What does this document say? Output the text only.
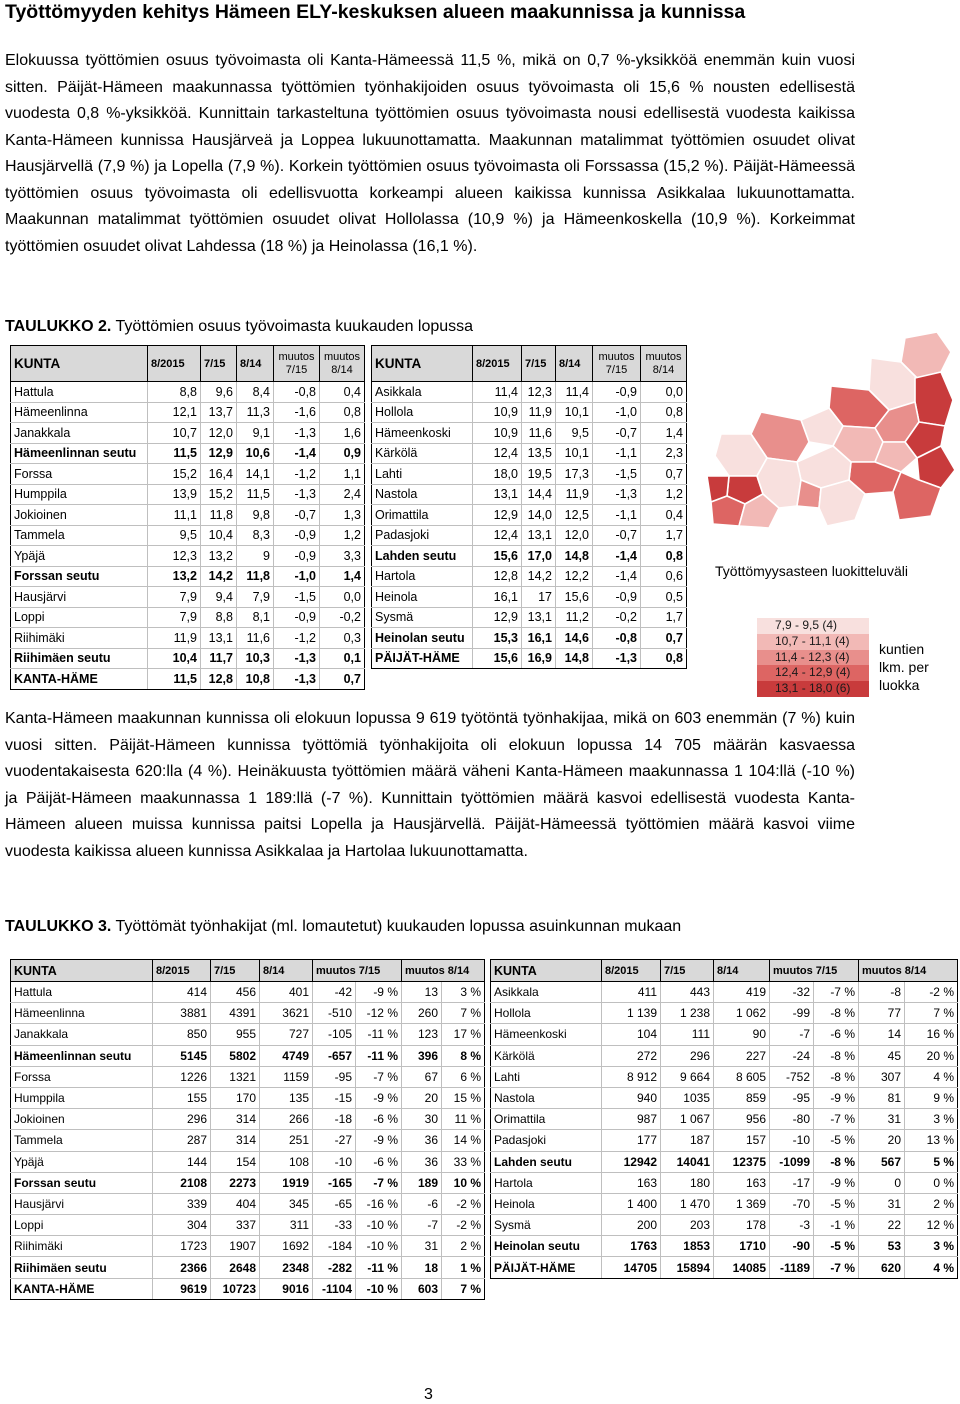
Työttömyyden kehitys Hämeen ELY-keskuksen alueen maakunnissa ja kunnissa

Elokuussa työttömien osuus työvoimasta oli Kanta-Hämeessä 11,5 %, mikä on 0,7 %-yksikköä enemmän kuin vuosi sitten. Päijät-Hämeen maakunnassa työttömien työnhakijoiden osuus työvoimasta oli 15,6 % nousten edellisestä vuodesta 0,8 %-yksikköä. Kunnittain tarkasteltuna työttömien osuus työvoimasta nousi edellisestä vuodesta kaikissa Kanta-Hämeen kunnissa Hausjärveä ja Loppea lukuunottamatta. Maakunnan matalimmat työttömien osuudet olivat Hausjärvellä (7,9 %) ja Lopella (7,9 %). Korkein työttömien osuus työvoimasta oli Forssassa (15,2 %). Päijät-Hämeessä työttömien osuus työvoimasta oli edellisvuotta korkeampi alueen kaikissa kunnissa Asikkalaa lukuunottamatta. Maakunnan matalimmat työttömien osuudet olivat Hollolassa (10,9 %) ja Hämeenkoskella (10,9 %). Korkeimmat työttömien osuudet olivat Lahdessa (18 %) ja Heinolassa (16,1 %).

TAULUKKO 2. Työttömien osuus työvoimasta kuukauden lopussa
KUNTA	8/2015	7/15	8/14	muutos 7/15	muutos 8/14
Hattula	8,8	9,6	8,4	-0,8	0,4
Hämeenlinna	12,1	13,7	11,3	-1,6	0,8
Janakkala	10,7	12,0	9,1	-1,3	1,6
Hämeenlinnan seutu	11,5	12,9	10,6	-1,4	0,9
Forssa	15,2	16,4	14,1	-1,2	1,1
Humppila	13,9	15,2	11,5	-1,3	2,4
Jokioinen	11,1	11,8	9,8	-0,7	1,3
Tammela	9,5	10,4	8,3	-0,9	1,2
Ypäjä	12,3	13,2	9	-0,9	3,3
Forssan seutu	13,2	14,2	11,8	-1,0	1,4
Hausjärvi	7,9	9,4	7,9	-1,5	0,0
Loppi	7,9	8,8	8,1	-0,9	-0,2
Riihimäki	11,9	13,1	11,6	-1,2	0,3
Riihimäen seutu	10,4	11,7	10,3	-1,3	0,1
KANTA-HÄME	11,5	12,8	10,8	-1,3	0,7
KUNTA	8/2015	7/15	8/14	muutos 7/15	muutos 8/14
Asikkala	11,4	12,3	11,4	-0,9	0,0
Hollola	10,9	11,9	10,1	-1,0	0,8
Hämeenkoski	10,9	11,6	9,5	-0,7	1,4
Kärkölä	12,4	13,5	10,1	-1,1	2,3
Lahti	18,0	19,5	17,3	-1,5	0,7
Nastola	13,1	14,4	11,9	-1,3	1,2
Orimattila	12,9	14,0	12,5	-1,1	0,4
Padasjoki	12,4	13,1	12,0	-0,7	1,7
Lahden seutu	15,6	17,0	14,8	-1,4	0,8
Hartola	12,8	14,2	12,2	-1,4	0,6
Heinola	16,1	17	15,6	-0,9	0,5
Sysmä	12,9	13,1	11,2	-0,2	1,7
Heinolan seutu	15,3	16,1	14,6	-0,8	0,7
PÄIJÄT-HÄME	15,6	16,9	14,8	-1,3	0,8
Työttömyysasteen luokitteluväli
7,9 - 9,5 (4)
10,7 - 11,1 (4)
11,4 - 12,3 (4)
12,4 - 12,9 (4)
13,1 - 18,0 (6)
kuntien lkm. per luokka

Kanta-Hämeen maakunnan kunnissa oli elokuun lopussa 9 619 työtöntä työnhakijaa, mikä on 603 enemmän (7 %) kuin vuosi sitten. Päijät-Hämeen kunnissa työttömiä työnhakijoita oli elokuun lopussa 14 705 määrän kasvaessa vuodentakaisesta 620:lla (4 %). Heinäkuusta työttömien määrä väheni Kanta-Hämeen maakunnassa 1 104:llä (-10 %) ja Päijät-Hämeen maakunnassa 1 189:llä (-7 %). Kunnittain työttömien määrä kasvoi edellisestä vuodesta Kanta-Hämeen alueen muissa kunnissa paitsi Lopella ja Hausjärvellä. Päijät-Hämeessä työttömien määrä kasvoi viime vuodesta kaikissa alueen kunnissa Asikkalaa ja Hartolaa lukuunottamatta.

TAULUKKO 3. Työttömät työnhakijat (ml. lomautetut) kuukauden lopussa asuinkunnan mukaan
KUNTA	8/2015	7/15	8/14	muutos 7/15		muutos 8/14	
Hattula	414	456	401	-42	-9 %	13	3 %
Hämeenlinna	3881	4391	3621	-510	-12 %	260	7 %
Janakkala	850	955	727	-105	-11 %	123	17 %
Hämeenlinnan seutu	5145	5802	4749	-657	-11 %	396	8 %
Forssa	1226	1321	1159	-95	-7 %	67	6 %
Humppila	155	170	135	-15	-9 %	20	15 %
Jokioinen	296	314	266	-18	-6 %	30	11 %
Tammela	287	314	251	-27	-9 %	36	14 %
Ypäjä	144	154	108	-10	-6 %	36	33 %
Forssan seutu	2108	2273	1919	-165	-7 %	189	10 %
Hausjärvi	339	404	345	-65	-16 %	-6	-2 %
Loppi	304	337	311	-33	-10 %	-7	-2 %
Riihimäki	1723	1907	1692	-184	-10 %	31	2 %
Riihimäen seutu	2366	2648	2348	-282	-11 %	18	1 %
KANTA-HÄME	9619	10723	9016	-1104	-10 %	603	7 %
KUNTA	8/2015	7/15	8/14	muutos 7/15		muutos 8/14	
Asikkala	411	443	419	-32	-7 %	-8	-2 %
Hollola	1 139	1 238	1 062	-99	-8 %	77	7 %
Hämeenkoski	104	111	90	-7	-6 %	14	16 %
Kärkölä	272	296	227	-24	-8 %	45	20 %
Lahti	8 912	9 664	8 605	-752	-8 %	307	4 %
Nastola	940	1035	859	-95	-9 %	81	9 %
Orimattila	987	1 067	956	-80	-7 %	31	3 %
Padasjoki	177	187	157	-10	-5 %	20	13 %
Lahden seutu	12942	14041	12375	-1099	-8 %	567	5 %
Hartola	163	180	163	-17	-9 %	0	0 %
Heinola	1 400	1 470	1 369	-70	-5 %	31	2 %
Sysmä	200	203	178	-3	-1 %	22	12 %
Heinolan seutu	1763	1853	1710	-90	-5 %	53	3 %
PÄIJÄT-HÄME	14705	15894	14085	-1189	-7 %	620	4 %
3
